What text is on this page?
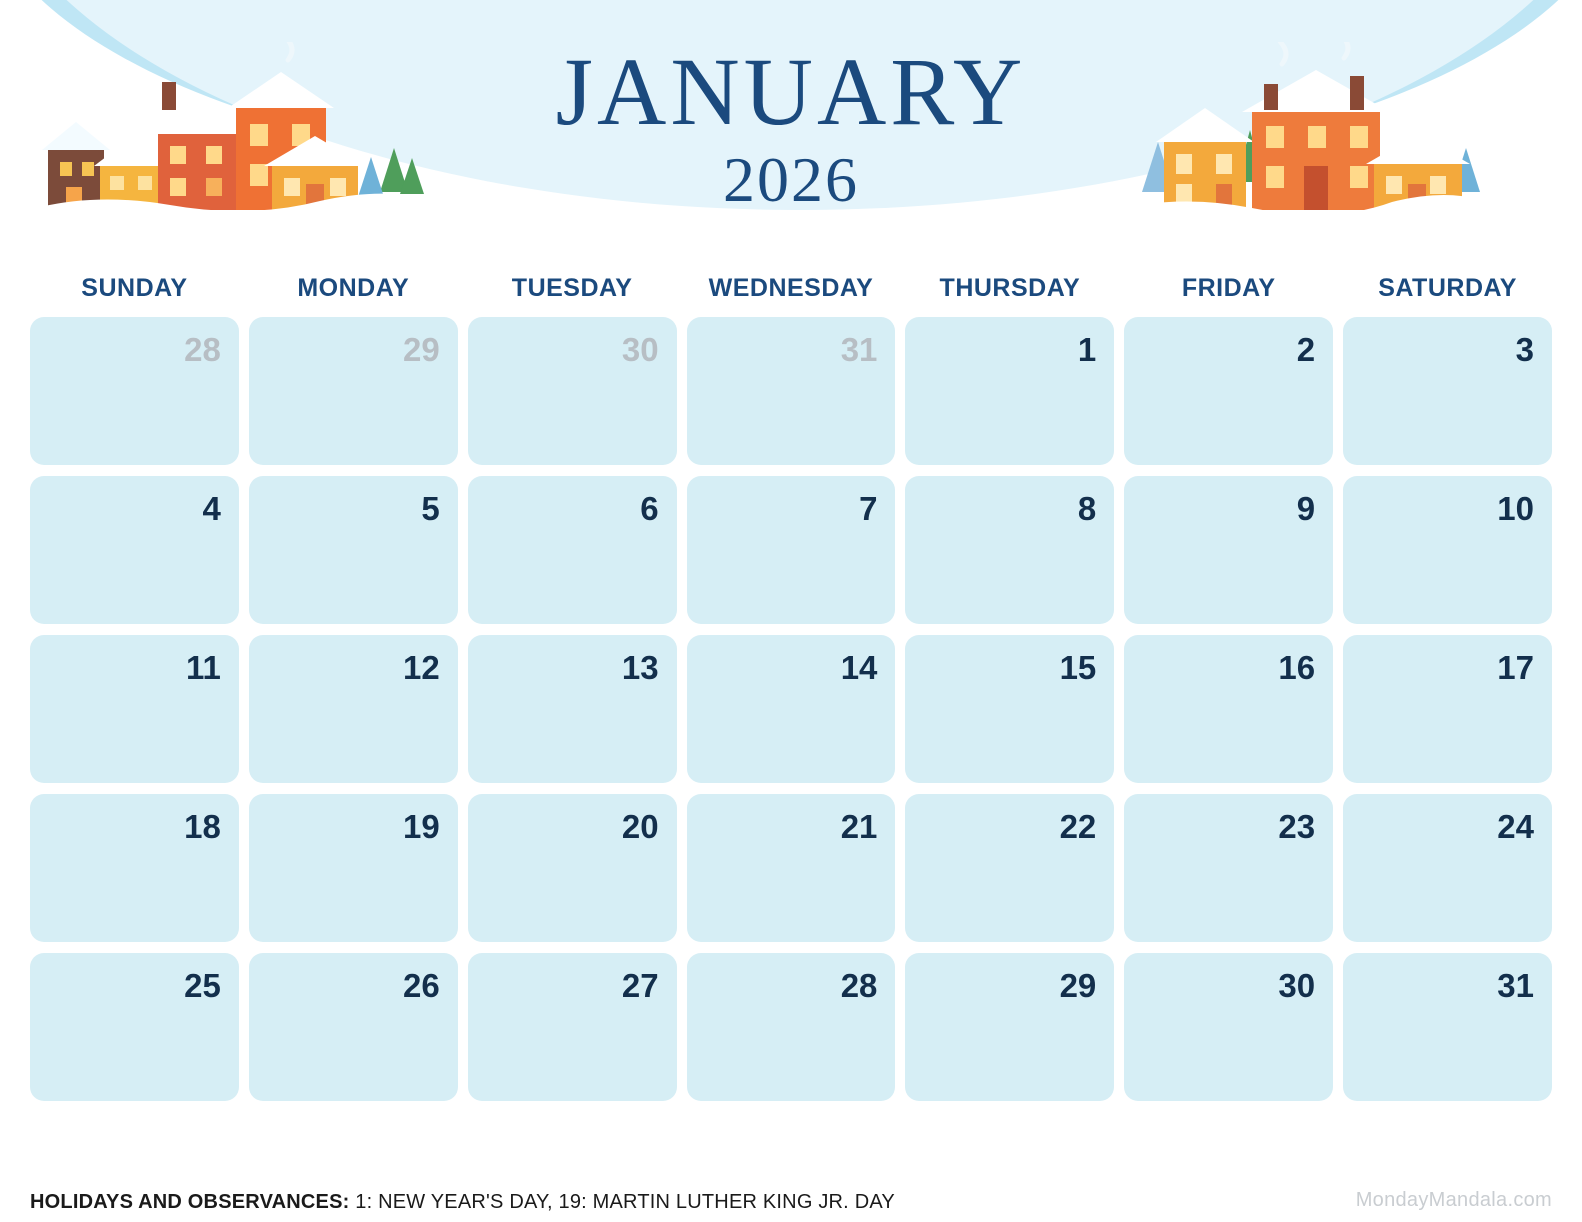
JANUARY
2026
SUNDAY	MONDAY	TUESDAY	WEDNESDAY	THURSDAY	FRIDAY	SATURDAY
28	29	30	31	1	2	3
4	5	6	7	8	9	10
11	12	13	14	15	16	17
18	19	20	21	22	23	24
25	26	27	28	29	30	31
HOLIDAYS AND OBSERVANCES: 1: NEW YEAR'S DAY, 19: MARTIN LUTHER KING JR. DAY	MondayMandala.com
